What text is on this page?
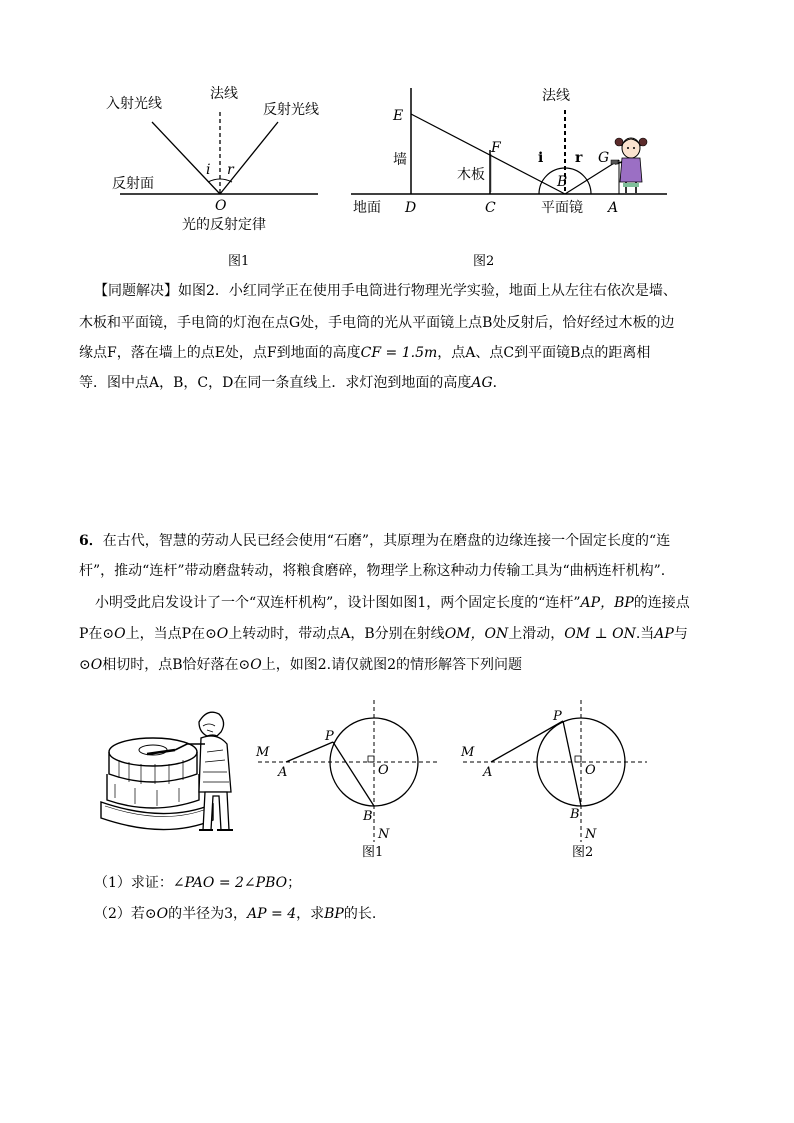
入射光线
法线
反射光线
i r
反射面
O
光的反射定律
图1
E
墙
F
木板
法线
i r G
B
地面 D	C	平面镜 A
图2
【同题解决】如图2．小红同学正在使用手电筒进行物理光学实验，地面上从左往右依次是墙、
木板和平面镜，手电筒的灯泡在点G处，手电筒的光从平面镜上点B处反射后，恰好经过木板的边
缘点F，落在墙上的点E处，点F到地面的高度CF = 1.5m，点A、点C到平面镜B点的距离相
等．图中点A，B，C，D在同一条直线上．求灯泡到地面的高度AG．
6．在古代，智慧的劳动人民已经会使用“石磨”，其原理为在磨盘的边缘连接一个固定长度的“连
杆”，推动“连杆”带动磨盘转动，将粮食磨碎，物理学上称这种动力传输工具为“曲柄连杆机构”.
小明受此启发设计了一个“双连杆机构”，设计图如图1，两个固定长度的“连杆”AP，BP的连接点
P在⊙O上，当点P在⊙O上转动时，带动点A，B分别在射线OM，ON上滑动，OM ⊥ ON.当AP与
⊙O相切时，点B恰好落在⊙O上，如图2.请仅就图2的情形解答下列问题
M
A
P
O
B
N
图1
M
A
P
O
B
N
图2
（1）求证：∠PAO = 2∠PBO；
（2）若⊙O的半径为3，AP = 4，求BP的长.
